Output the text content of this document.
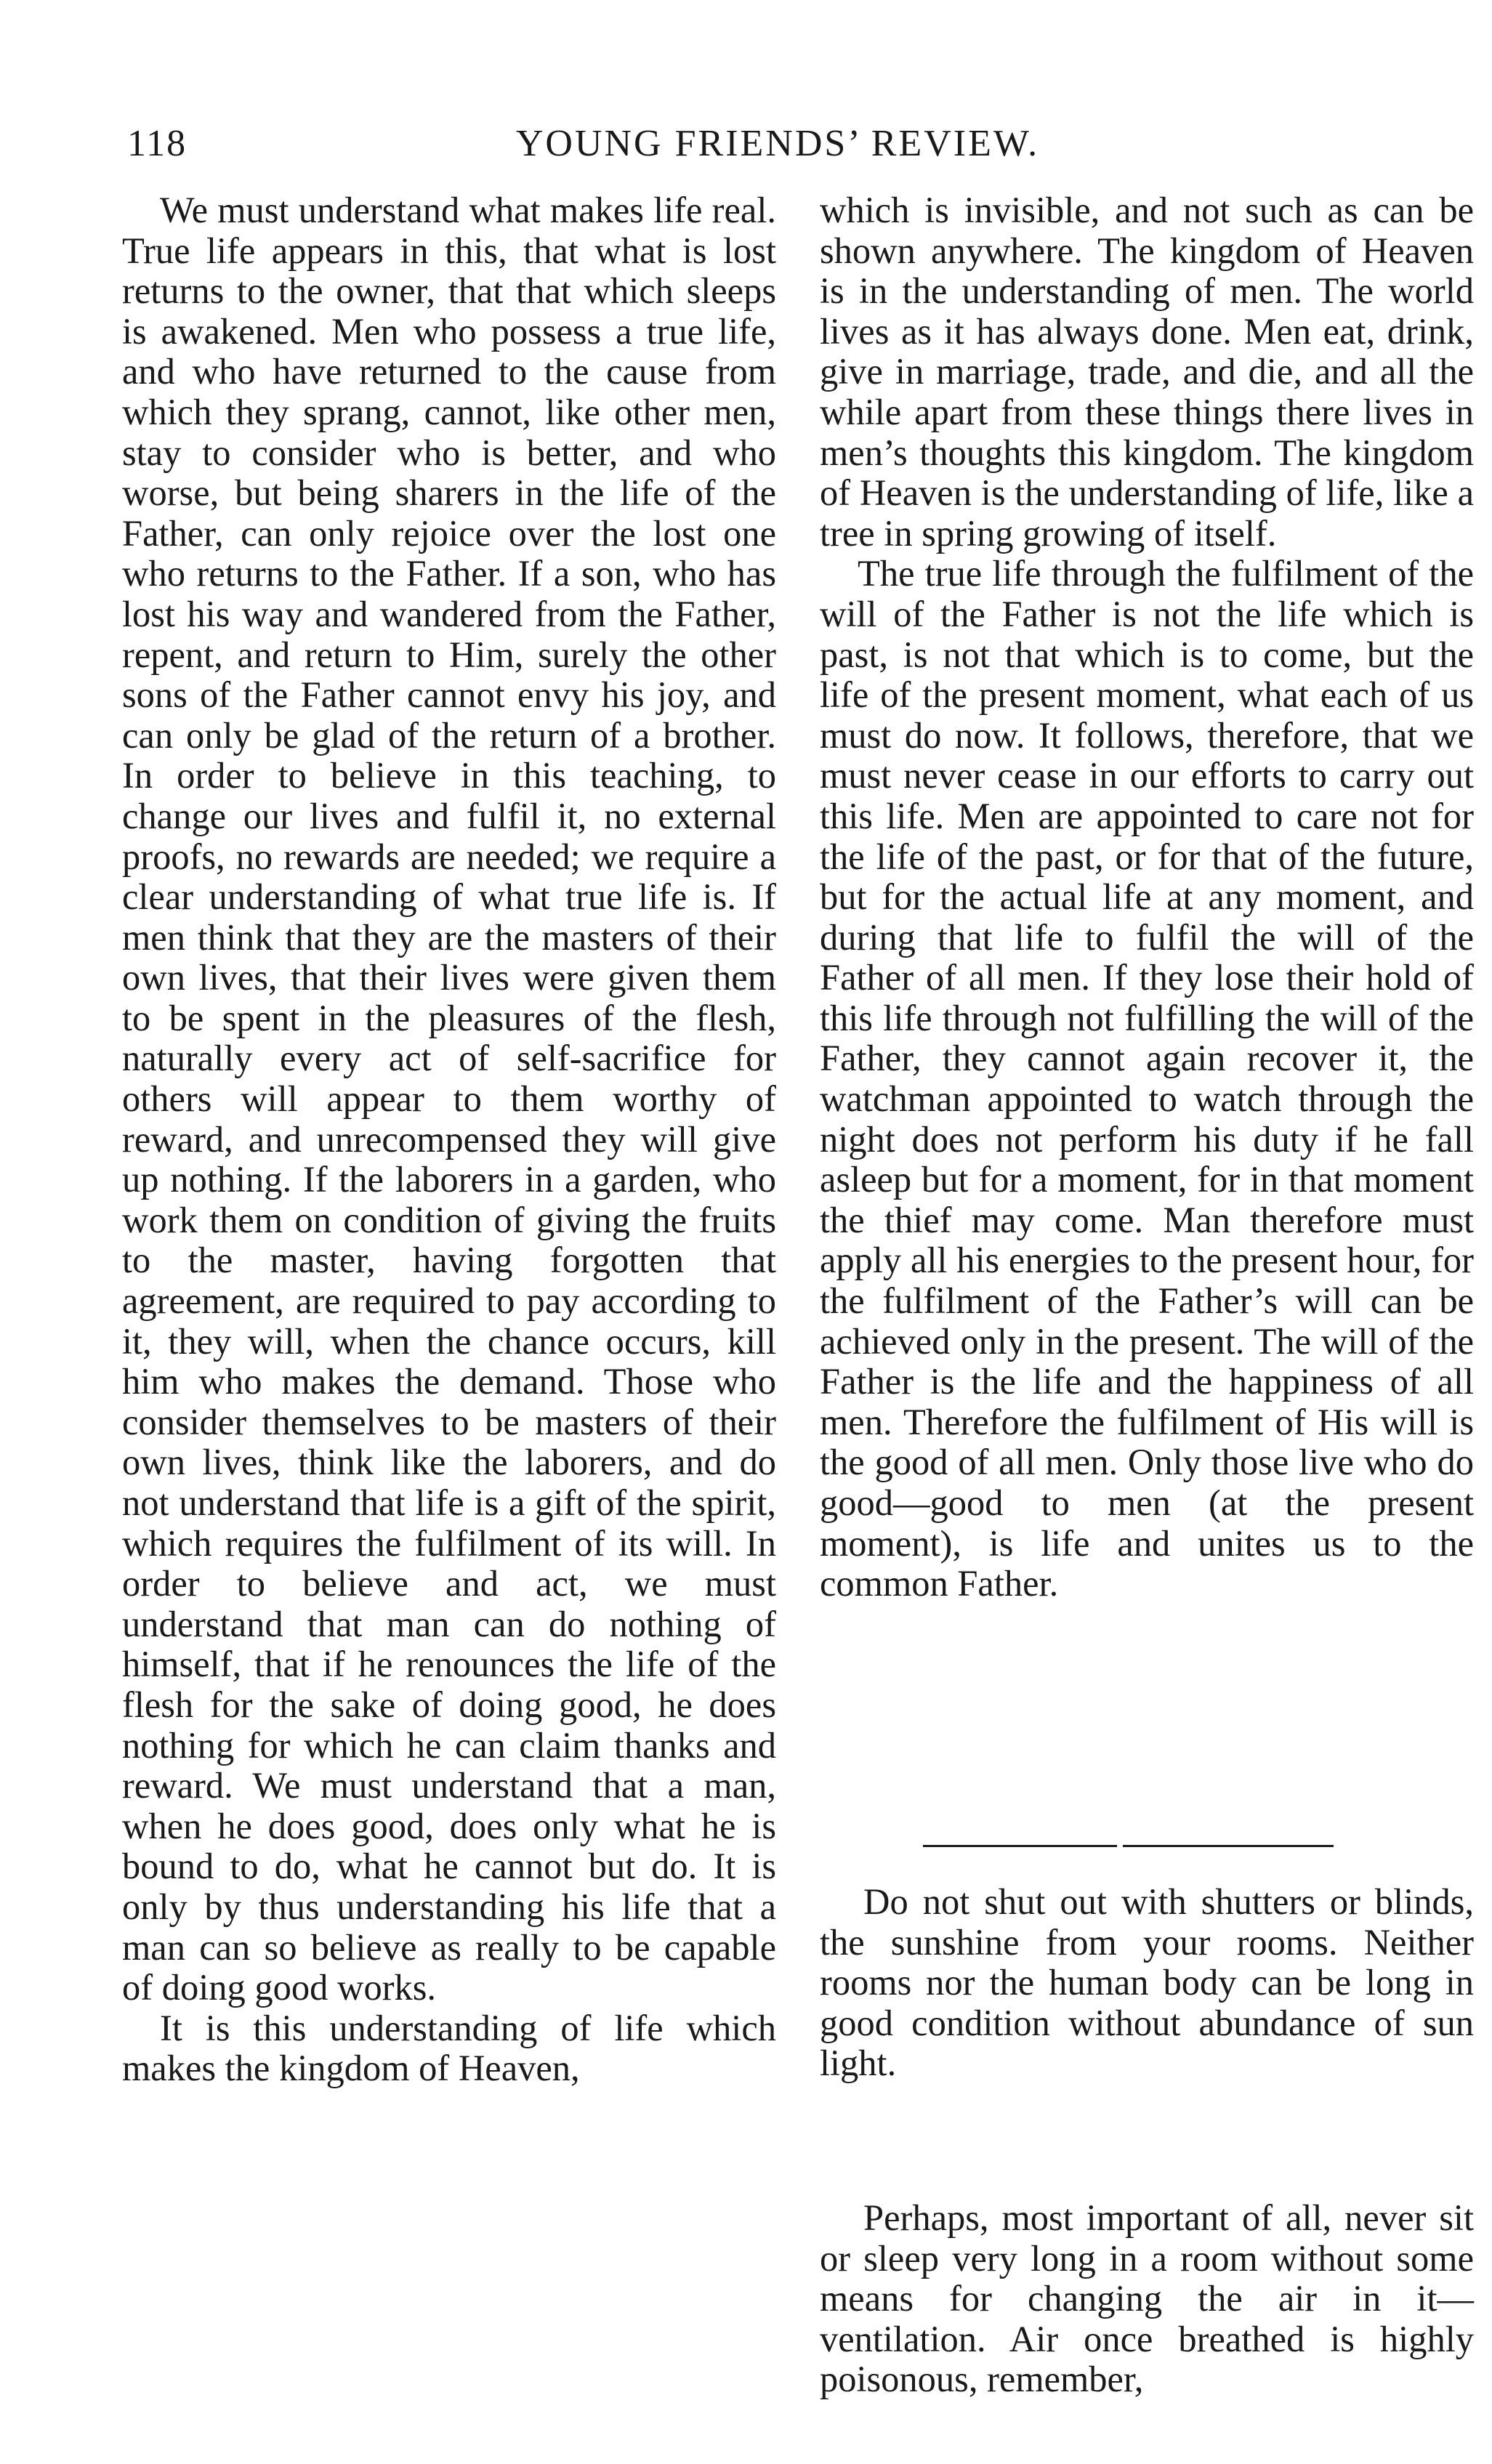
118	YOUNG FRIENDS’ REVIEW.

We must understand what makes life real. True life appears in this, that what is lost returns to the owner, that that which sleeps is awakened. Men who possess a true life, and who have returned to the cause from which they sprang, cannot, like other men, stay to consider who is better, and who worse, but being sharers in the life of the Father, can only rejoice over the lost one who returns to the Father. If a son, who has lost his way and wandered from the Father, repent, and return to Him, surely the other sons of the Father cannot envy his joy, and can only be glad of the return of a brother. In order to believe in this teaching, to change our lives and fulfil it, no external proofs, no rewards are needed; we require a clear understanding of what true life is. If men think that they are the masters of their own lives, that their lives were given them to be spent in the pleasures of the flesh, naturally every act of self-sacrifice for others will appear to them worthy of reward, and unrecompensed they will give up nothing. If the laborers in a garden, who work them on condition of giving the fruits to the master, having forgotten that agreement, are required to pay according to it, they will, when the chance occurs, kill him who makes the demand. Those who consider themselves to be masters of their own lives, think like the laborers, and do not understand that life is a gift of the spirit, which requires the fulfilment of its will. In order to believe and act, we must understand that man can do nothing of himself, that if he renounces the life of the flesh for the sake of doing good, he does nothing for which he can claim thanks and reward. We must understand that a man, when he does good, does only what he is bound to do, what he cannot but do. It is only by thus understanding his life that a man can so believe as really to be capable of doing good works.

It is this understanding of life which makes the kingdom of Heaven,

which is invisible, and not such as can be shown anywhere. The kingdom of Heaven is in the understanding of men. The world lives as it has always done. Men eat, drink, give in marriage, trade, and die, and all the while apart from these things there lives in men’s thoughts this kingdom. The kingdom of Heaven is the understanding of life, like a tree in spring growing of itself.

The true life through the fulfilment of the will of the Father is not the life which is past, is not that which is to come, but the life of the present moment, what each of us must do now. It follows, therefore, that we must never cease in our efforts to carry out this life. Men are appointed to care not for the life of the past, or for that of the future, but for the actual life at any moment, and during that life to fulfil the will of the Father of all men. If they lose their hold of this life through not fulfilling the will of the Father, they cannot again recover it, the watchman appointed to watch through the night does not perform his duty if he fall asleep but for a moment, for in that moment the thief may come. Man therefore must apply all his energies to the present hour, for the fulfilment of the Father’s will can be achieved only in the present. The will of the Father is the life and the happiness of all men. Therefore the fulfilment of His will is the good of all men. Only those live who do good—good to men (at the present moment), is life and unites us to the common Father.

Do not shut out with shutters or blinds, the sunshine from your rooms. Neither rooms nor the human body can be long in good condition without abundance of sun light.

Perhaps, most important of all, never sit or sleep very long in a room without some means for changing the air in it—ventilation. Air once breathed is highly poisonous, remember,
